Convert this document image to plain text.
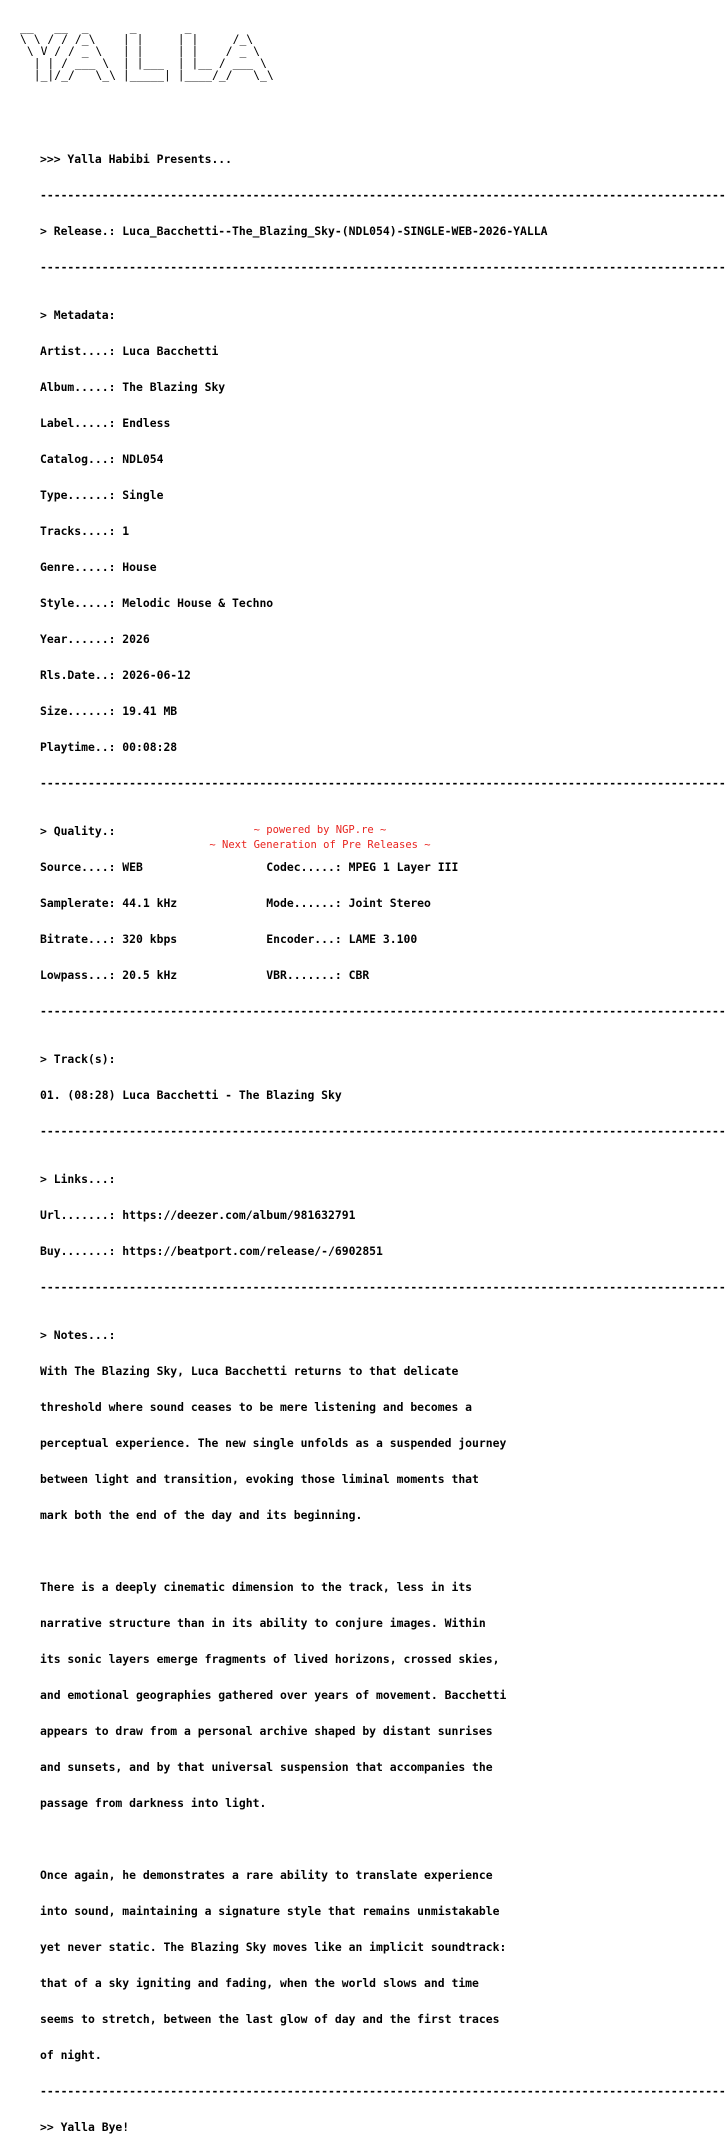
__   __  _      _       _
\ \ / / /_\    | |     | |     /_\
\ V / / _ \   | |     | |    / _ \
| | / ___ \  | |___  | |__ / ___ \
|_|/_/   \_\ |_____| |____/_/   \_\

>>> Yalla Habibi Presents...

----------------------------------------------------------------------------------------------------

> Release.: Luca_Bacchetti--The_Blazing_Sky-(NDL054)-SINGLE-WEB-2026-YALLA

----------------------------------------------------------------------------------------------------

> Metadata:

Artist....: Luca Bacchetti

Album.....: The Blazing Sky

Label.....: Endless

Catalog...: NDL054

Type......: Single

Tracks....: 1

Genre.....: House

Style.....: Melodic House & Techno

Year......: 2026

Rls.Date..: 2026-06-12

Size......: 19.41 MB

Playtime..: 00:08:28

----------------------------------------------------------------------------------------------------

> Quality.:

Source....: WEB                  Codec.....: MPEG 1 Layer III

Samplerate: 44.1 kHz             Mode......: Joint Stereo

Bitrate...: 320 kbps             Encoder...: LAME 3.100

Lowpass...: 20.5 kHz             VBR.......: CBR

----------------------------------------------------------------------------------------------------

> Track(s):

01. (08:28) Luca Bacchetti - The Blazing Sky

----------------------------------------------------------------------------------------------------

> Links...:

Url.......: https://deezer.com/album/981632791

Buy.......: https://beatport.com/release/-/6902851

----------------------------------------------------------------------------------------------------

> Notes...:

With The Blazing Sky, Luca Bacchetti returns to that delicate

threshold where sound ceases to be mere listening and becomes a

perceptual experience. The new single unfolds as a suspended journey

between light and transition, evoking those liminal moments that

mark both the end of the day and its beginning.

There is a deeply cinematic dimension to the track, less in its

narrative structure than in its ability to conjure images. Within

its sonic layers emerge fragments of lived horizons, crossed skies,

and emotional geographies gathered over years of movement. Bacchetti

appears to draw from a personal archive shaped by distant sunrises

and sunsets, and by that universal suspension that accompanies the

passage from darkness into light.

Once again, he demonstrates a rare ability to translate experience

into sound, maintaining a signature style that remains unmistakable

yet never static. The Blazing Sky moves like an implicit soundtrack:

that of a sky igniting and fading, when the world slows and time

seems to stretch, between the last glow of day and the first traces

of night.

----------------------------------------------------------------------------------------------------

>> Yalla Bye!

~ powered by NGP.re ~
~ Next Generation of Pre Releases ~
